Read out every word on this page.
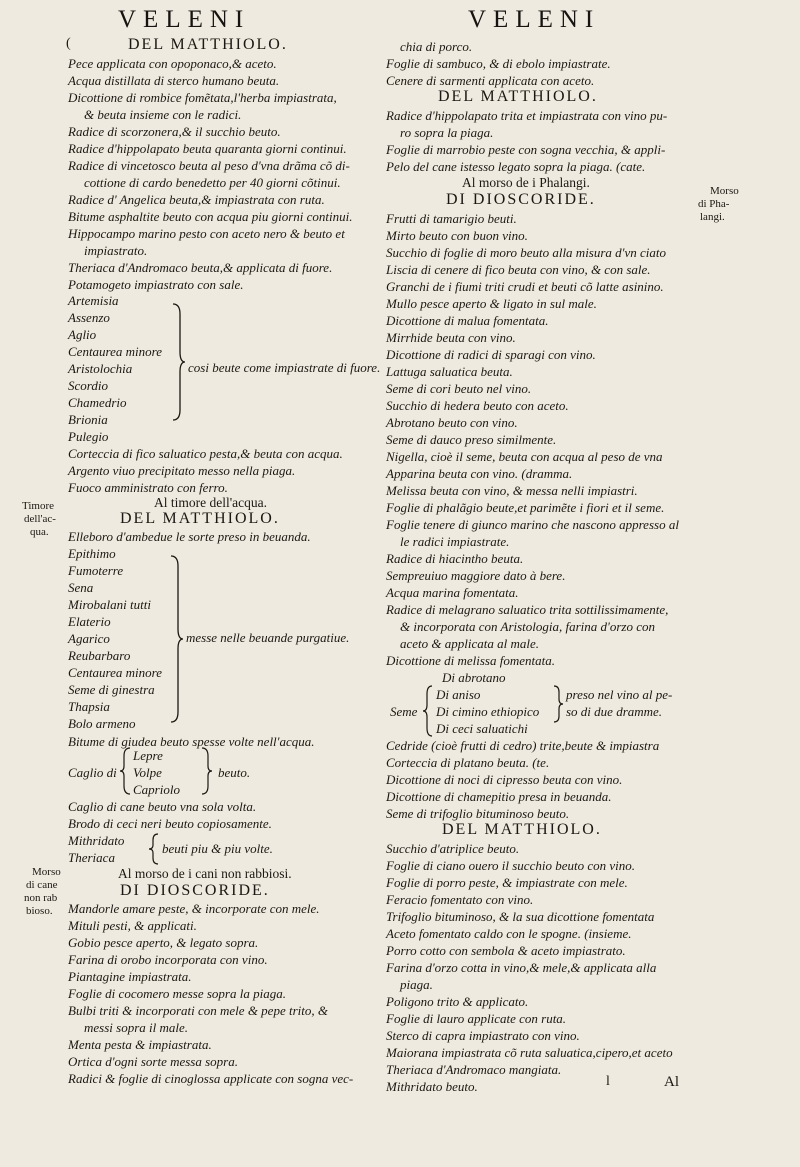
VELENI	VELENI
(	DEL MATTHIOLO.
Pece applicata con opoponaco,& aceto.
Acqua distillata di sterco humano beuta.
Dicottione di rombice fomẽtata,l'herba impiastrata,
& beuta insieme con le radici.
Radice di scorzonera,& il succhio beuto.
Radice d'hippolapato beuta quaranta giorni continui.
Radice di vincetosco beuta al peso d'vna drãma cõ di-
cottione di cardo benedetto per 40 giorni cõtinui.
Radice d' Angelica beuta,& impiastrata con ruta.
Bitume asphaltite beuto con acqua piu giorni continui.
Hippocampo marino pesto con aceto nero & beuto et
impiastrato.
Theriaca d'Andromaco beuta,& applicata di fuore.
Potamogeto impiastrato con sale.
Artemisia
Assenzo
Aglio
Centaurea minore
Aristolochia
Scordio
Chamedrio
Brionia
Pulegio
cosi beute come impiastrate di fuore.
Corteccia di fico saluatico pesta,& beuta con acqua.
Argento viuo precipitato messo nella piaga.
Fuoco amministrato con ferro.
Al timore dell'acqua.
DEL MATTHIOLO.
Elleboro d'ambedue le sorte preso in beuanda.
Epithimo
Fumoterre
Sena
Mirobalani tutti
Elaterio
Agarico
Reubarbaro
Centaurea minore
Seme di ginestra
Thapsia
Bolo armeno
messe nelle beuande purgatiue.
Bitume di giudea beuto spesse volte nell'acqua.
Caglio di
Lepre
Volpe
Capriolo
beuto.
Caglio di cane beuto vna sola volta.
Brodo di ceci neri beuto copiosamente.
Mithridato
Theriaca
beuti piu & piu volte.
Al morso de i cani non rabbiosi.
DI DIOSCORIDE.
Mandorle amare peste, & incorporate con mele.
Mituli pesti, & applicati.
Gobio pesce aperto, & legato sopra.
Farina di orobo incorporata con vino.
Piantagine impiastrata.
Foglie di cocomero messe sopra la piaga.
Bulbi triti & incorporati con mele & pepe trito, &
messi sopra il male.
Menta pesta & impiastrata.
Ortica d'ogni sorte messa sopra.
Radici & foglie di cinoglossa applicate con sogna vec-
Timore
dell'ac-
qua.
Morso
di cane
non rab
bioso.
chia di porco.
Foglie di sambuco, & di ebolo impiastrate.
Cenere di sarmenti applicata con aceto.
DEL MATTHIOLO.
Radice d'hippolapato trita et impiastrata con vino pu-
ro sopra la piaga.
Foglie di marrobio peste con sogna vecchia, & appli-
Pelo del cane istesso legato sopra la piaga. (cate.
Al morso de i Phalangi.
DI DIOSCORIDE.
Frutti di tamarigio beuti.
Mirto beuto con buon vino.
Succhio di foglie di moro beuto alla misura d'vn ciato
Liscia di cenere di fico beuta con vino, & con sale.
Granchi de i fiumi triti crudi et beuti cõ latte asinino.
Mullo pesce aperto & ligato in sul male.
Dicottione di malua fomentata.
Mirrhide beuta con vino.
Dicottione di radici di sparagi con vino.
Lattuga saluatica beuta.
Seme di cori beuto nel vino.
Succhio di hedera beuto con aceto.
Abrotano beuto con vino.
Seme di dauco preso similmente.
Nigella, cioè il seme, beuta con acqua al peso de vna
Apparina beuta con vino. (dramma.
Melissa beuta con vino, & messa nelli impiastri.
Foglie di phalãgio beute,et parimẽte i fiori et il seme.
Foglie tenere di giunco marino che nascono appresso al
le radici impiastrate.
Radice di hiacintho beuta.
Sempreuiuo maggiore dato à bere.
Acqua marina fomentata.
Radice di melagrano saluatico trita sottilissimamente,
& incorporata con Aristologia, farina d'orzo con
aceto & applicata al male.
Dicottione di melissa fomentata.
Di abrotano
Seme
Di aniso
Di cimino ethiopico
Di ceci saluatichi
preso nel vino al pe-
so di due dramme.
Cedride (cioè frutti di cedro) trite,beute & impiastra
Corteccia di platano beuta. (te.
Dicottione di noci di cipresso beuta con vino.
Dicottione di chamepitio presa in beuanda.
Seme di trifoglio bituminoso beuto.
DEL MATTHIOLO.
Succhio d'atriplice beuto.
Foglie di ciano ouero il succhio beuto con vino.
Foglie di porro peste, & impiastrate con mele.
Feracio fomentato con vino.
Trifoglio bituminoso, & la sua dicottione fomentata
Aceto fomentato caldo con le spogne. (insieme.
Porro cotto con sembola & aceto impiastrato.
Farina d'orzo cotta in vino,& mele,& applicata alla
piaga.
Poligono trito & applicato.
Foglie di lauro applicate con ruta.
Sterco di capra impiastrato con vino.
Maiorana impiastrata cõ ruta saluatica,cipero,et aceto
Theriaca d'Andromaco mangiata.
Mithridato beuto.
Morso
di Pha-
langi.
l	Al
